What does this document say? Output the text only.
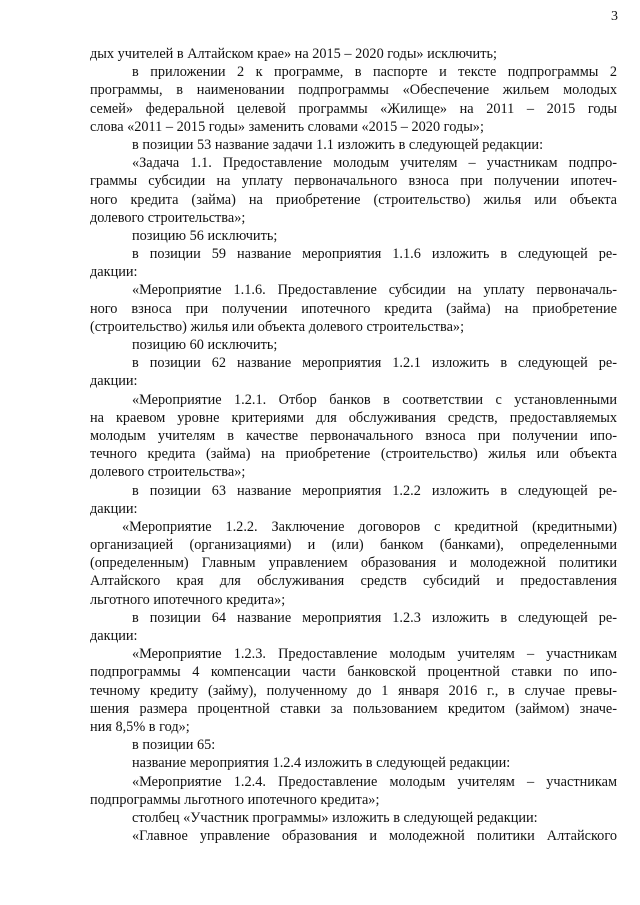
3
дых учителей в Алтайском крае» на 2015 – 2020 годы» исключить;
в приложении 2 к программе, в паспорте и тексте подпрограммы 2
программы, в наименовании подпрограммы «Обеспечение жильем молодых
семей» федеральной целевой программы «Жилище» на 2011 – 2015 годы
слова «2011 – 2015 годы» заменить словами «2015 – 2020 годы»;
в позиции 53 название задачи 1.1 изложить в следующей редакции:
«Задача 1.1. Предоставление молодым учителям – участникам подпро-
граммы субсидии на уплату первоначального взноса при получении ипотеч-
ного кредита (займа) на приобретение (строительство) жилья или объекта
долевого строительства»;
позицию 56 исключить;
в позиции 59 название мероприятия 1.1.6 изложить в следующей ре-
дакции:
«Мероприятие 1.1.6. Предоставление субсидии на уплату первоначаль-
ного взноса при получении ипотечного кредита (займа) на приобретение
(строительство) жилья или объекта долевого строительства»;
позицию 60 исключить;
в позиции 62 название мероприятия 1.2.1 изложить в следующей ре-
дакции:
«Мероприятие 1.2.1. Отбор банков в соответствии с установленными
на краевом уровне критериями для обслуживания средств, предоставляемых
молодым учителям в качестве первоначального взноса при получении ипо-
течного кредита (займа) на приобретение (строительство) жилья или объекта
долевого строительства»;
в позиции 63 название мероприятия 1.2.2 изложить в следующей ре-
дакции:
«Мероприятие 1.2.2. Заключение договоров с кредитной (кредитными)
организацией (организациями) и (или) банком (банками), определенными
(определенным) Главным управлением образования и молодежной политики
Алтайского края для обслуживания средств субсидий и предоставления
льготного ипотечного кредита»;
в позиции 64 название мероприятия 1.2.3 изложить в следующей ре-
дакции:
«Мероприятие 1.2.3. Предоставление молодым учителям – участникам
подпрограммы 4 компенсации части банковской процентной ставки по ипо-
течному кредиту (займу), полученному до 1 января 2016 г., в случае превы-
шения размера процентной ставки за пользованием кредитом (займом) значе-
ния 8,5% в год»;
в позиции 65:
название мероприятия 1.2.4 изложить в следующей редакции:
«Мероприятие 1.2.4. Предоставление молодым учителям – участникам
подпрограммы льготного ипотечного кредита»;
столбец «Участник программы» изложить в следующей редакции:
«Главное управление образования и молодежной политики Алтайского
